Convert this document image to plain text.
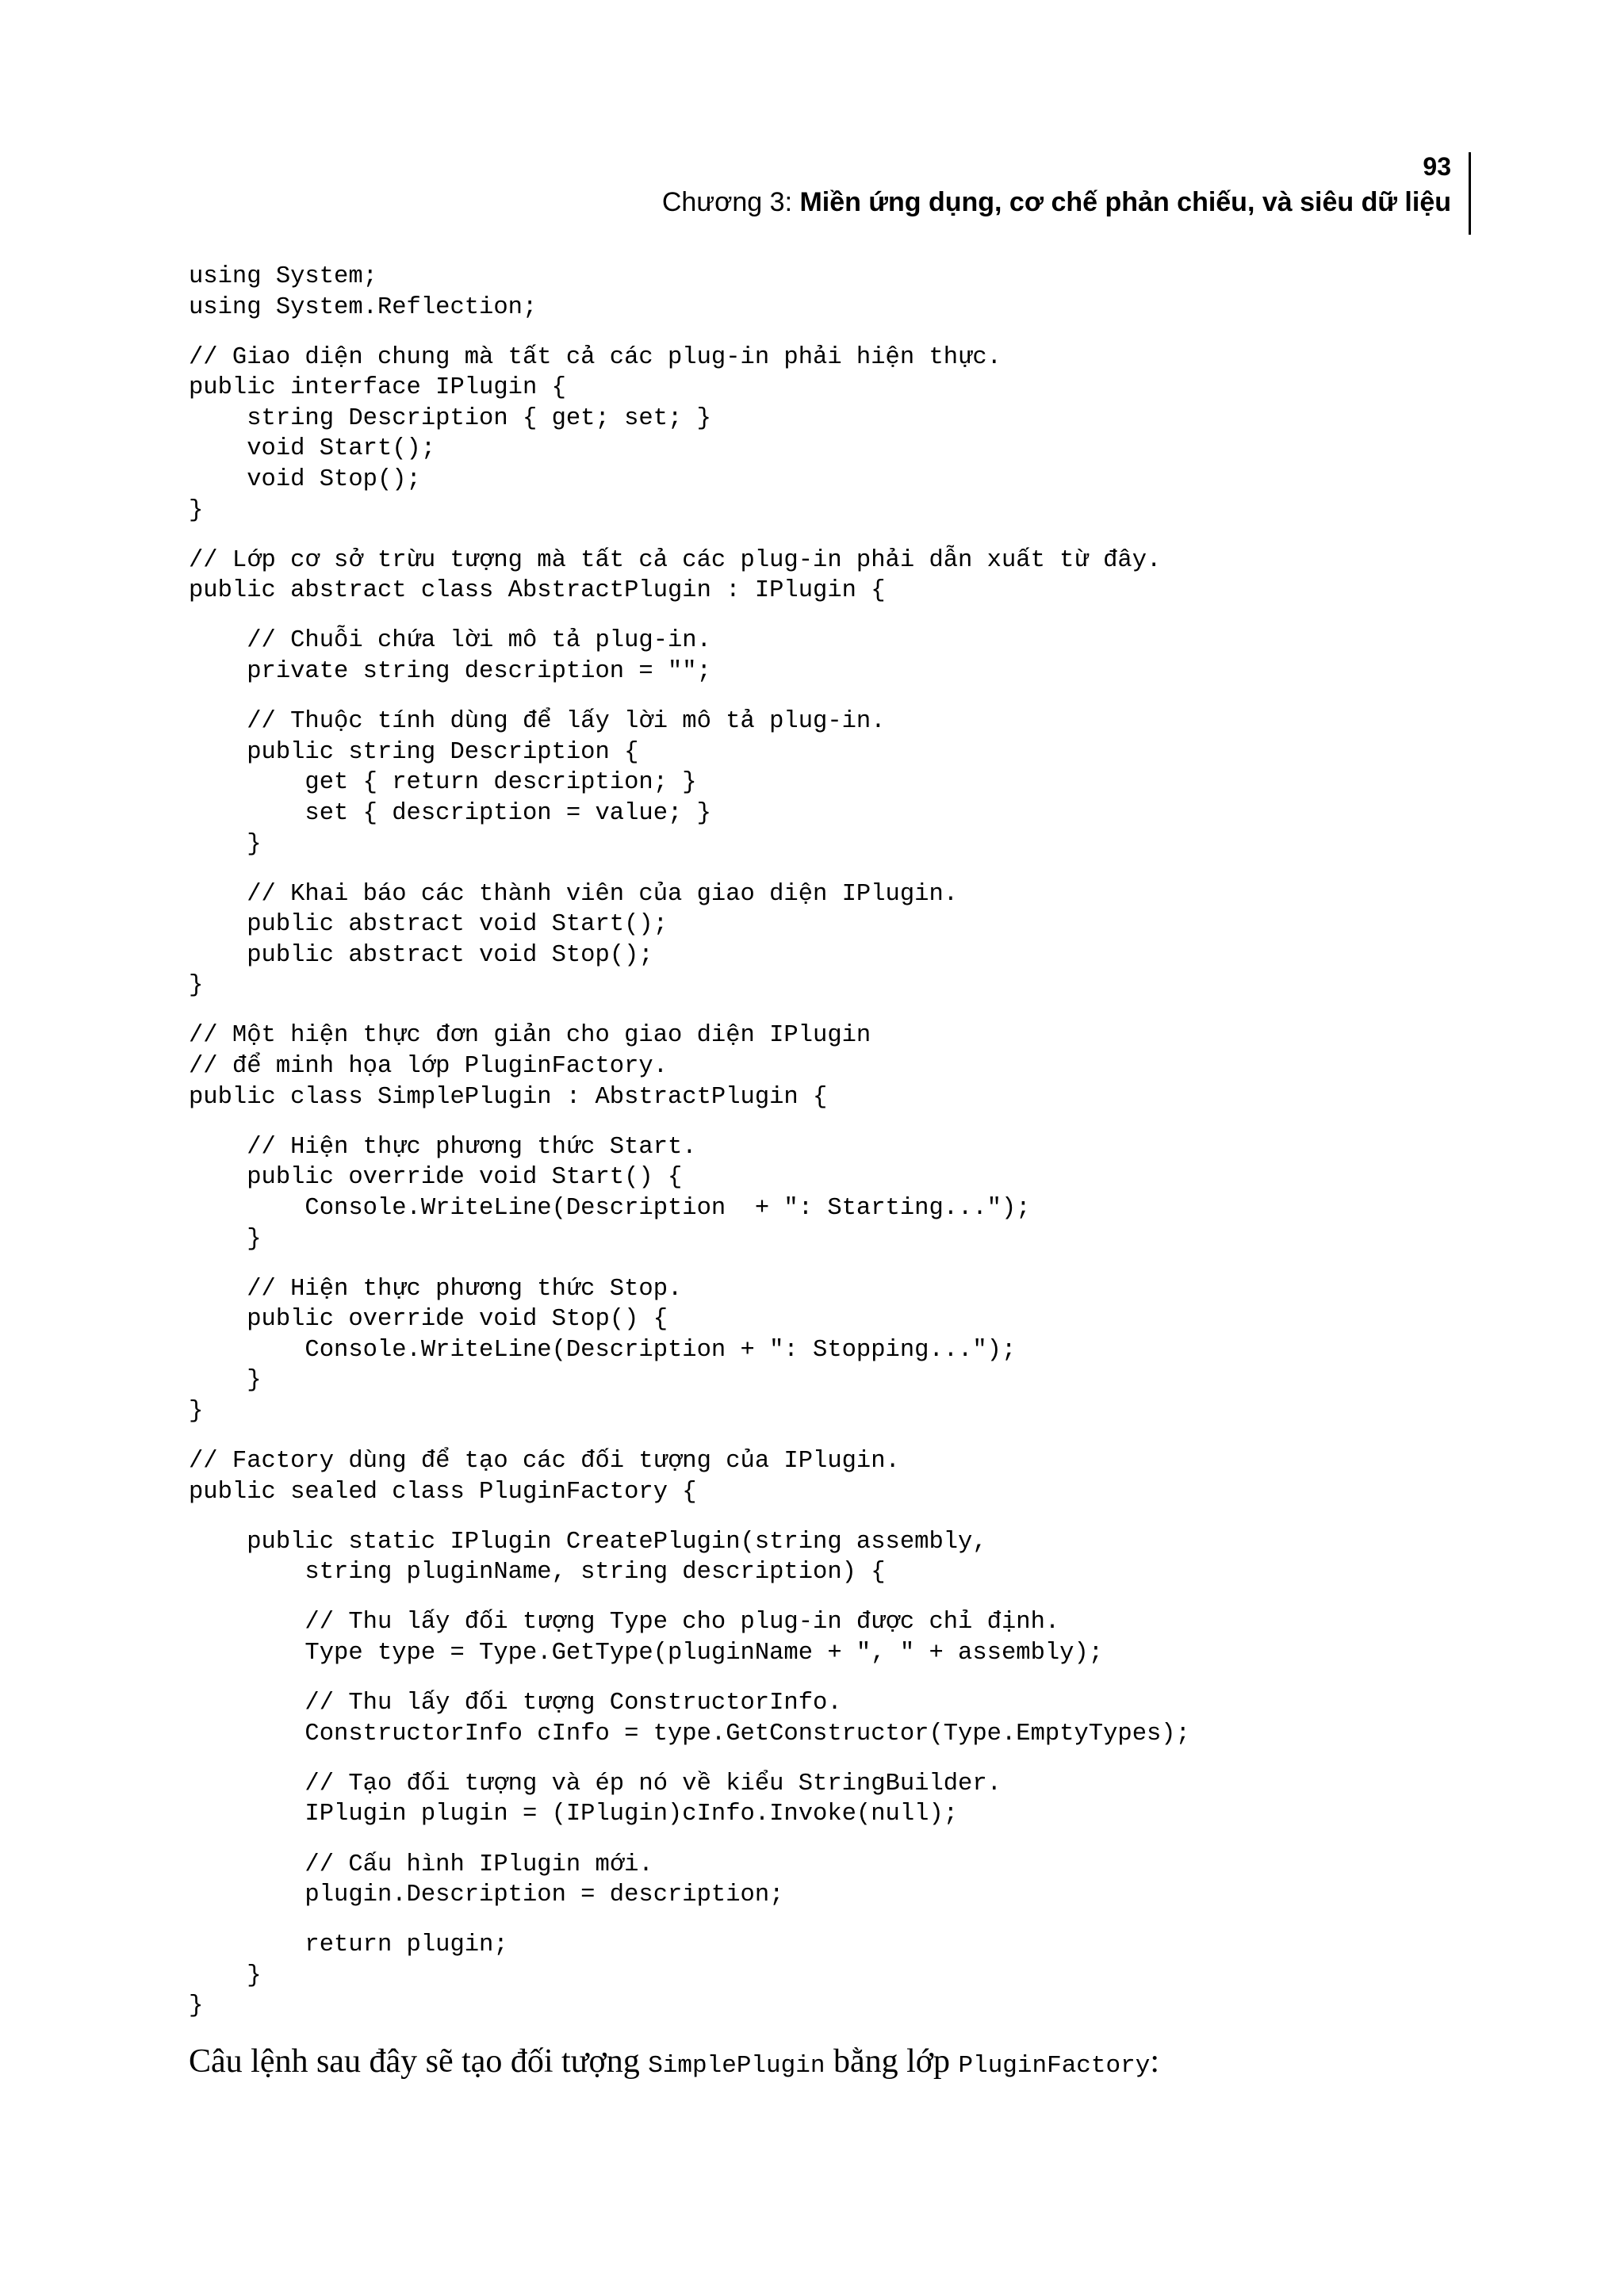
93
Chương 3: Miền ứng dụng, cơ chế phản chiếu, và siêu dữ liệu
using System;
using System.Reflection;
// Giao diện chung mà tất cả các plug-in phải hiện thực.
public interface IPlugin {
string Description { get; set; }
void Start();
void Stop();
}
// Lớp cơ sở trừu tượng mà tất cả các plug-in phải dẫn xuất từ đây.
public abstract class AbstractPlugin : IPlugin {
// Chuỗi chứa lời mô tả plug-in.
private string description = "";
// Thuộc tính dùng để lấy lời mô tả plug-in.
public string Description {
get { return description; }
set { description = value; }
}
// Khai báo các thành viên của giao diện IPlugin.
public abstract void Start();
public abstract void Stop();
}
// Một hiện thực đơn giản cho giao diện IPlugin
// để minh họa lớp PluginFactory.
public class SimplePlugin : AbstractPlugin {
// Hiện thực phương thức Start.
public override void Start() {
Console.WriteLine(Description  + ": Starting...");
}
// Hiện thực phương thức Stop.
public override void Stop() {
Console.WriteLine(Description + ": Stopping...");
}
}
// Factory dùng để tạo các đối tượng của IPlugin.
public sealed class PluginFactory {
public static IPlugin CreatePlugin(string assembly,
string pluginName, string description) {
// Thu lấy đối tượng Type cho plug-in được chỉ định.
Type type = Type.GetType(pluginName + ", " + assembly);
// Thu lấy đối tượng ConstructorInfo.
ConstructorInfo cInfo = type.GetConstructor(Type.EmptyTypes);
// Tạo đối tượng và ép nó về kiểu StringBuilder.
IPlugin plugin = (IPlugin)cInfo.Invoke(null);
// Cấu hình IPlugin mới.
plugin.Description = description;
return plugin;
}
}

Câu lệnh sau đây sẽ tạo đối tượng SimplePlugin bằng lớp PluginFactory:
